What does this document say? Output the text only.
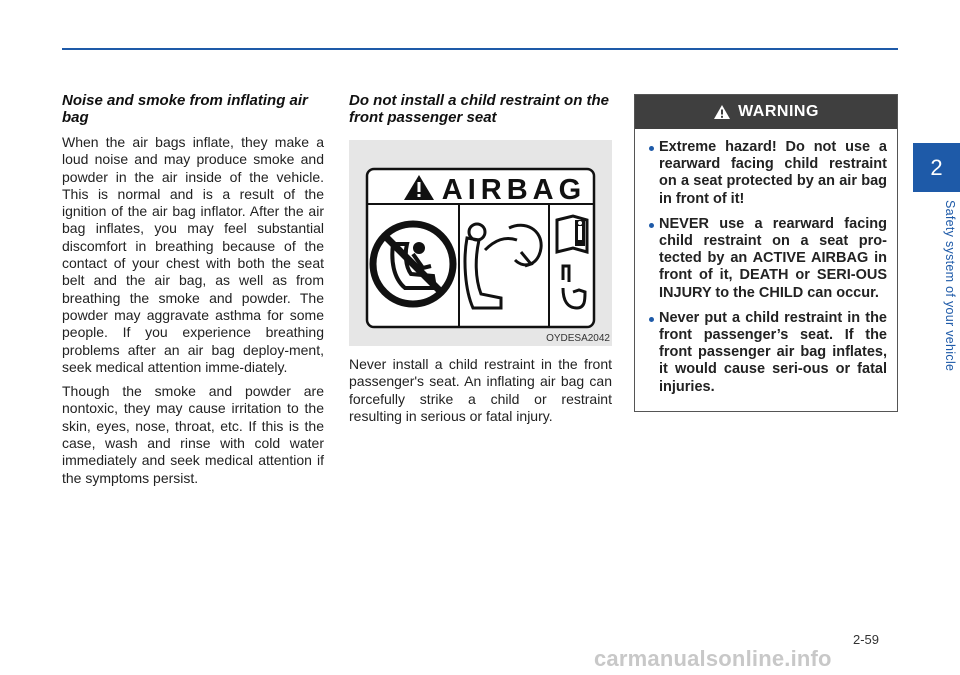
2
Safety system of your vehicle
Noise and smoke from inflating air bag

When the air bags inflate, they make a loud noise and may produce smoke and powder in the air inside of the vehicle. This is normal and is a result of the ignition of the air bag inflator. After the air bag inflates, you may feel substantial discomfort in breathing because of the contact of your chest with both the seat belt and the air bag, as well as from breathing the smoke and powder. The powder may aggravate asthma for some people. If you experience breathing problems after an air bag deploy-ment, seek medical attention imme-diately.

Though the smoke and powder are nontoxic, they may cause irritation to the skin, eyes, nose, throat, etc. If this is the case, wash and rinse with cold water immediately and seek medical attention if the symptoms persist.

Do not install a child restraint on the front passenger seat
AIRBAG
OYDESA2042

Never install a child restraint in the front passenger's seat. An inflating air bag can forcefully strike a child or restraint resulting in serious or fatal injury.

WARNING
Extreme hazard! Do not use a rearward facing child restraint on a seat protected by an air bag in front of it!
NEVER use a rearward facing child restraint on a seat pro-tected by an ACTIVE AIRBAG in front of it, DEATH or SERI-OUS INJURY to the CHILD can occur.
Never put a child restraint in the front passenger’s seat. If the front passenger air bag inflates, it would cause seri-ous or fatal injuries.
2-59
carmanualsonline.info
